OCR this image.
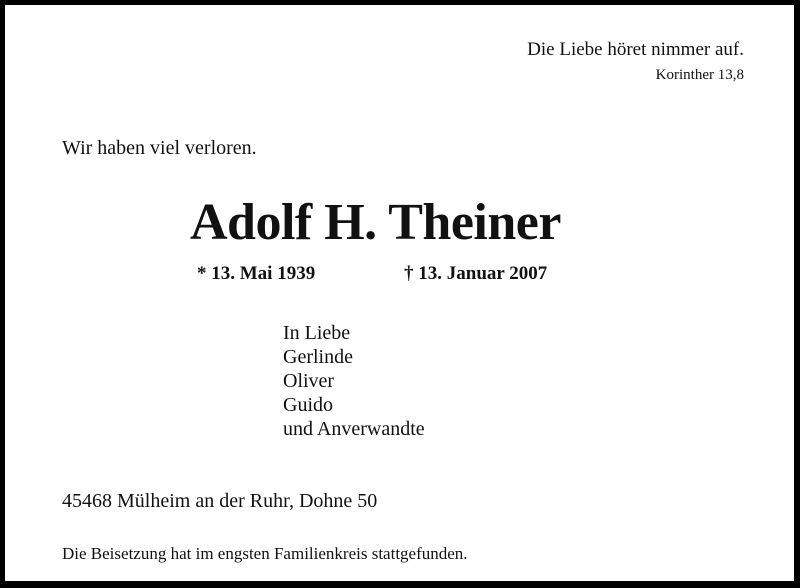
Die Liebe höret nimmer auf.
Korinther 13,8
Wir haben viel verloren.
Adolf H. Theiner
* 13. Mai 1939	† 13. Januar 2007
In Liebe
Gerlinde
Oliver
Guido
und Anverwandte
45468 Mülheim an der Ruhr, Dohne 50
Die Beisetzung hat im engsten Familienkreis stattgefunden.
